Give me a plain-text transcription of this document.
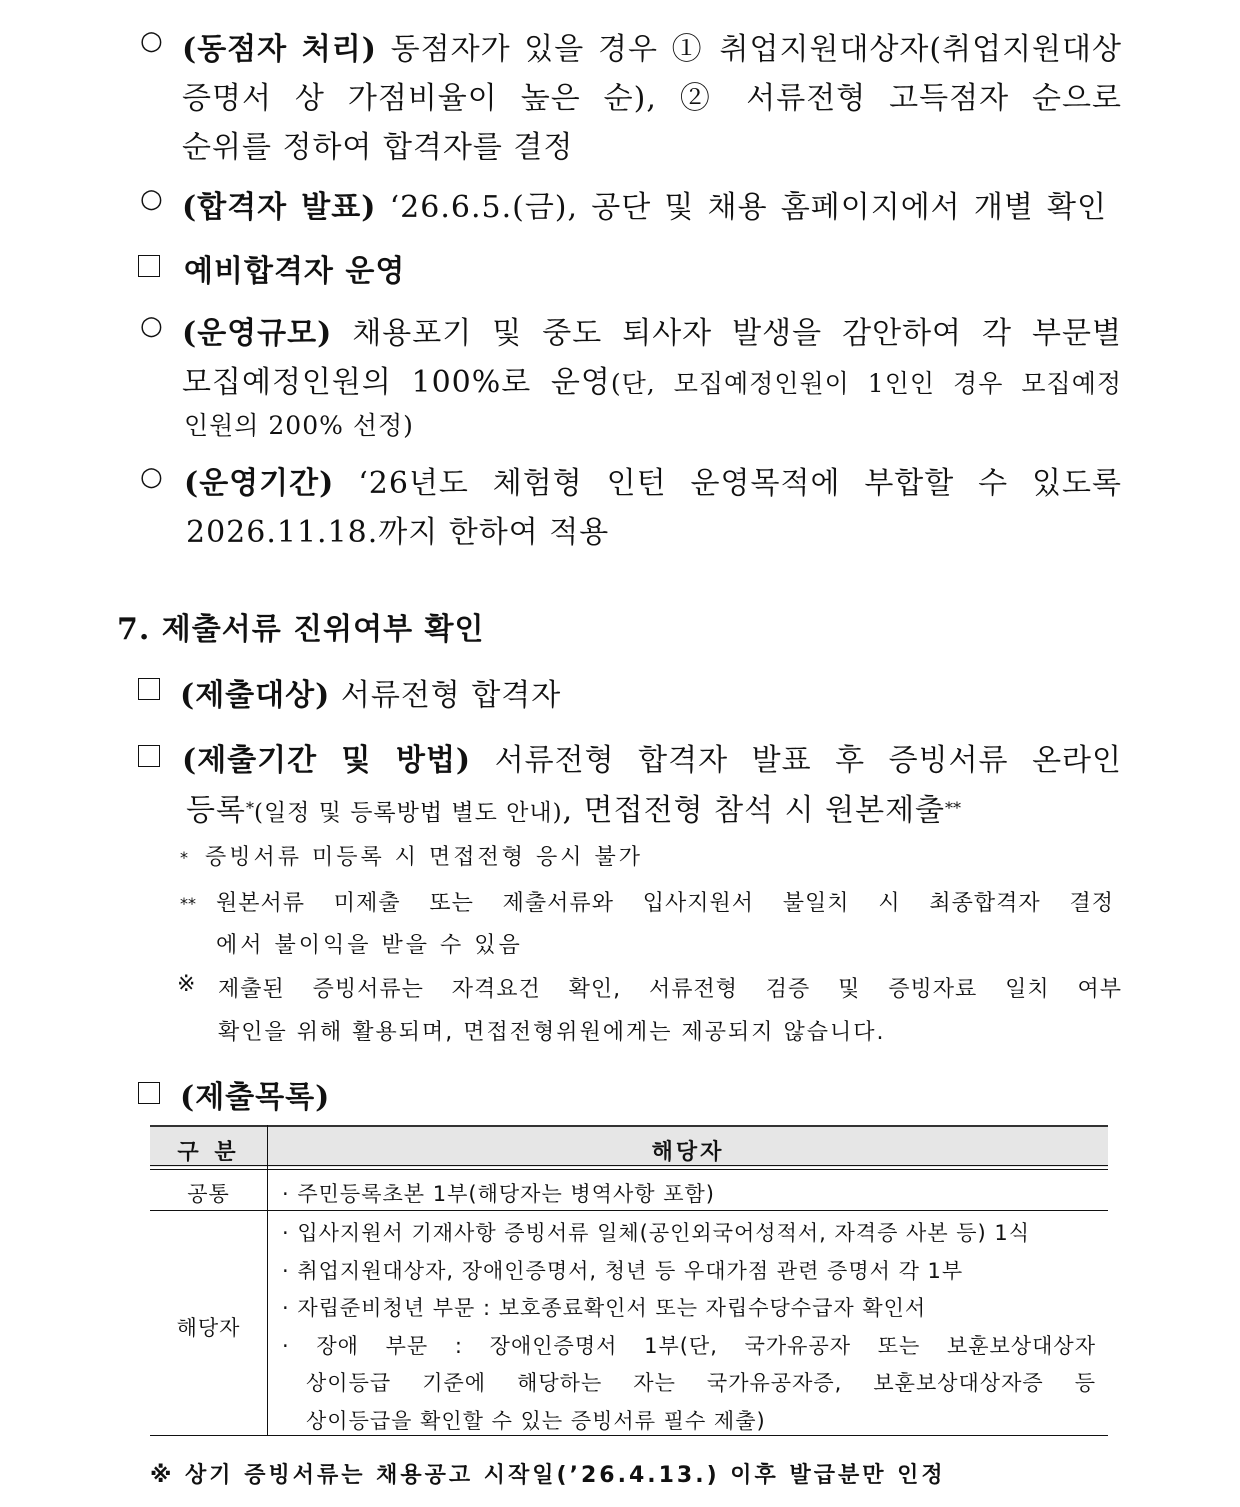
○ (동점자 처리) 동점자가 있을 경우 ① 취업지원대상자(취업지원대상
증명서 상 가점비율이 높은 순), ② 서류전형 고득점자 순으로
순위를 정하여 합격자를 결정
○ (합격자 발표) ‘26.6.5.(금), 공단 및 채용 홈페이지에서 개별 확인
예비합격자 운영
○ (운영규모) 채용포기 및 중도 퇴사자 발생을 감안하여 각 부문별
모집예정인원의 100%로 운영(단, 모집예정인원이 1인인 경우 모집예정
인원의 200% 선정)
○ (운영기간) ‘26년도 체험형 인턴 운영목적에 부합할 수 있도록
2026.11.18.까지 한하여 적용
7. 제출서류 진위여부 확인
(제출대상) 서류전형 합격자
(제출기간 및 방법) 서류전형 합격자 발표 후 증빙서류 온라인
등록*(일정 및 등록방법 별도 안내), 면접전형 참석 시 원본제출**
* 증빙서류 미등록 시 면접전형 응시 불가
** 원본서류 미제출 또는 제출서류와 입사지원서 불일치 시 최종합격자 결정
에서 불이익을 받을 수 있음
※ 제출된 증빙서류는 자격요건 확인, 서류전형 검증 및 증빙자료 일치 여부
확인을 위해 활용되며, 면접전형위원에게는 제공되지 않습니다.
(제출목록)
구 분	해당자
공통	· 주민등록초본 1부(해당자는 병역사항 포함)
해당자
· 입사지원서 기재사항 증빙서류 일체(공인외국어성적서, 자격증 사본 등) 1식
· 취업지원대상자, 장애인증명서, 청년 등 우대가점 관련 증명서 각 1부
· 자립준비청년 부문 : 보호종료확인서 또는 자립수당수급자 확인서
· 장애 부문 : 장애인증명서 1부(단, 국가유공자 또는 보훈보상대상자
상이등급 기준에 해당하는 자는 국가유공자증, 보훈보상대상자증 등
상이등급을 확인할 수 있는 증빙서류 필수 제출)
※ 상기 증빙서류는 채용공고 시작일(’26.4.13.) 이후 발급분만 인정
